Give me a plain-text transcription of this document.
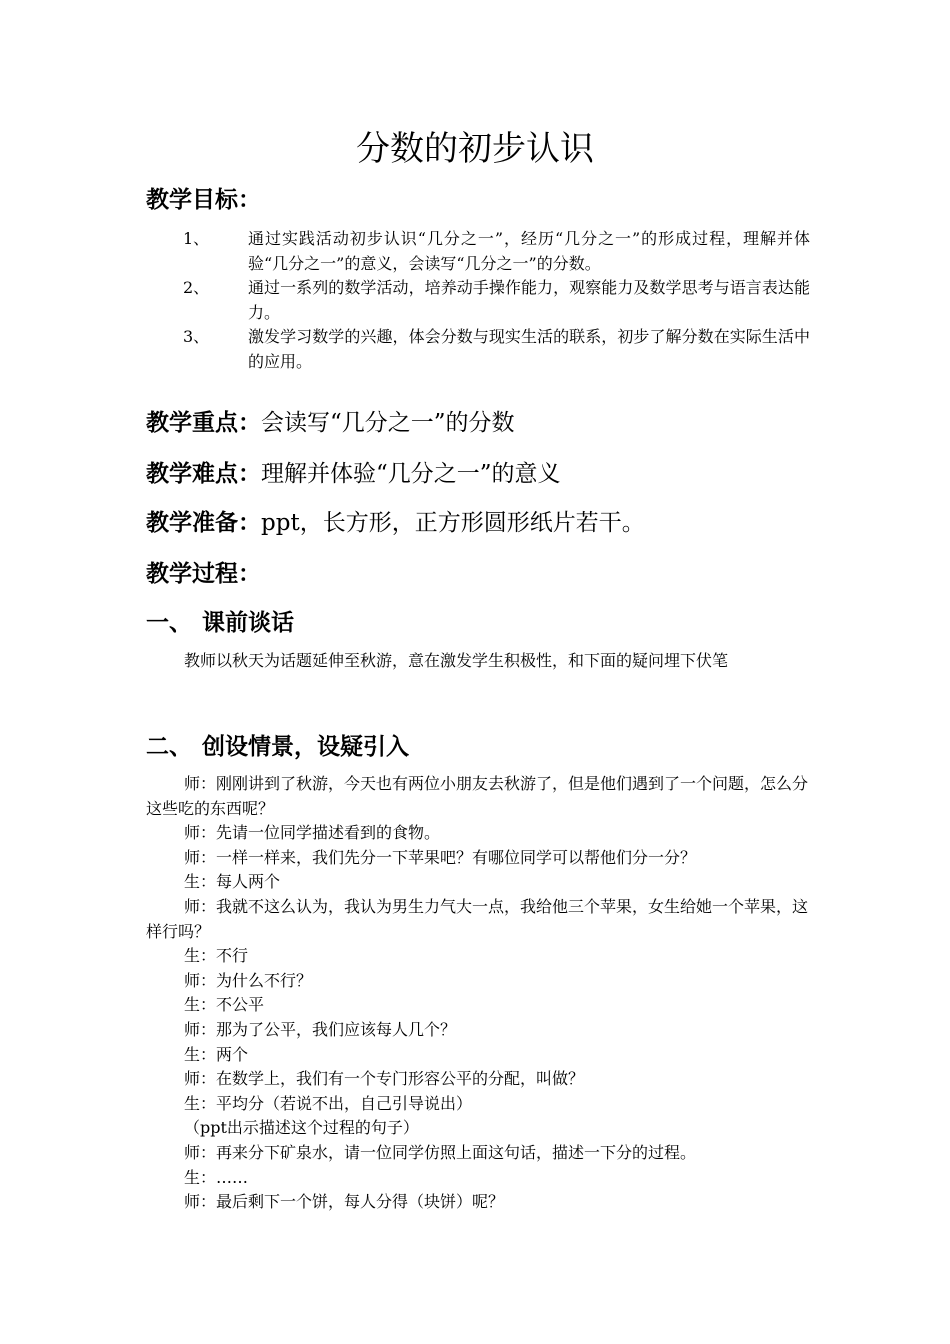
分数的初步认识
教学目标：
1、 通过实践活动初步认识“几分之一”，经历“几分之一”的形成过程，理解并体验“几分之一”的意义，会读写“几分之一”的分数。
2、 通过一系列的数学活动，培养动手操作能力，观察能力及数学思考与语言表达能力。
3、 激发学习数学的兴趣，体会分数与现实生活的联系，初步了解分数在实际生活中的应用。
教学重点：会读写“几分之一”的分数
教学难点：理解并体验“几分之一”的意义
教学准备：ppt，长方形，正方形圆形纸片若干。
教学过程：
一、 课前谈话
教师以秋天为话题延伸至秋游，意在激发学生积极性，和下面的疑问埋下伏笔
二、 创设情景，设疑引入
师：刚刚讲到了秋游，今天也有两位小朋友去秋游了，但是他们遇到了一个问题，怎么分这些吃的东西呢？
师：先请一位同学描述看到的食物。
师：一样一样来，我们先分一下苹果吧？有哪位同学可以帮他们分一分？
生：每人两个
师：我就不这么认为，我认为男生力气大一点，我给他三个苹果，女生给她一个苹果，这样行吗？
生：不行
师：为什么不行？
生：不公平
师：那为了公平，我们应该每人几个？
生：两个
师：在数学上，我们有一个专门形容公平的分配，叫做？
生：平均分（若说不出，自己引导说出）
（ppt出示描述这个过程的句子）
师：再来分下矿泉水，请一位同学仿照上面这句话，描述一下分的过程。
生：……
师：最后剩下一个饼，每人分得（块饼）呢？
